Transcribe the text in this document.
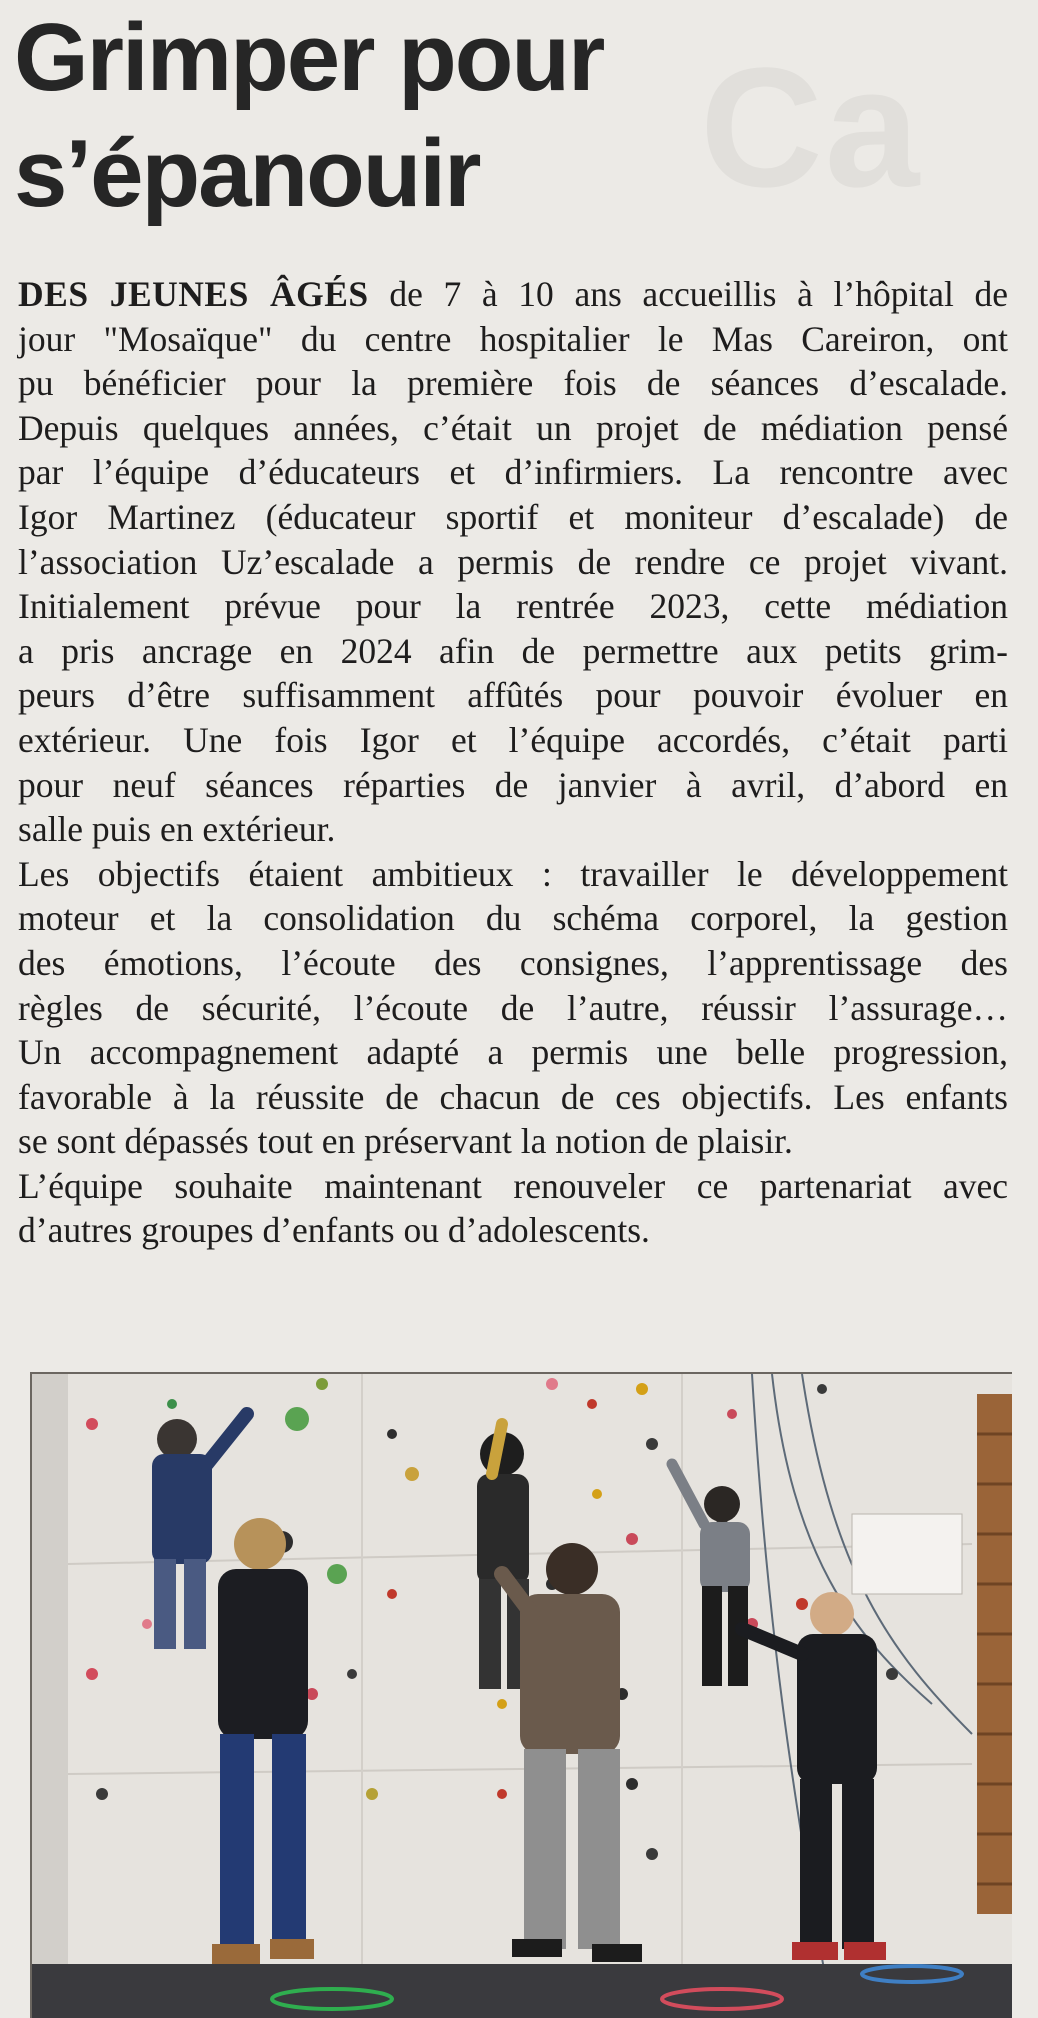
Ca
Grimper pour
s’épanouir
DES JEUNES ÂGÉS de 7 à 10 ans accueillis à l’hôpital de
jour "Mosaïque" du centre hospitalier le Mas Careiron, ont
pu bénéficier pour la première fois de séances d’escalade.
Depuis quelques années, c’était un projet de médiation pensé
par l’équipe d’éducateurs et d’infirmiers. La rencontre avec
Igor Martinez (éducateur sportif et moniteur d’escalade) de
l’association Uz’escalade a permis de rendre ce projet vivant.
Initialement prévue pour la rentrée 2023, cette médiation
a pris ancrage en 2024 afin de permettre aux petits grim-
peurs d’être suffisamment affûtés pour pouvoir évoluer en
extérieur. Une fois Igor et l’équipe accordés, c’était parti
pour neuf séances réparties de janvier à avril, d’abord en
salle puis en extérieur.
Les objectifs étaient ambitieux : travailler le développement
moteur et la consolidation du schéma corporel, la gestion
des émotions, l’écoute des consignes, l’apprentissage des
règles de sécurité, l’écoute de l’autre, réussir l’assurage…
Un accompagnement adapté a permis une belle progression,
favorable à la réussite de chacun de ces objectifs. Les enfants
se sont dépassés tout en préservant la notion de plaisir.
L’équipe souhaite maintenant renouveler ce partenariat avec
d’autres groupes d’enfants ou d’adolescents.
